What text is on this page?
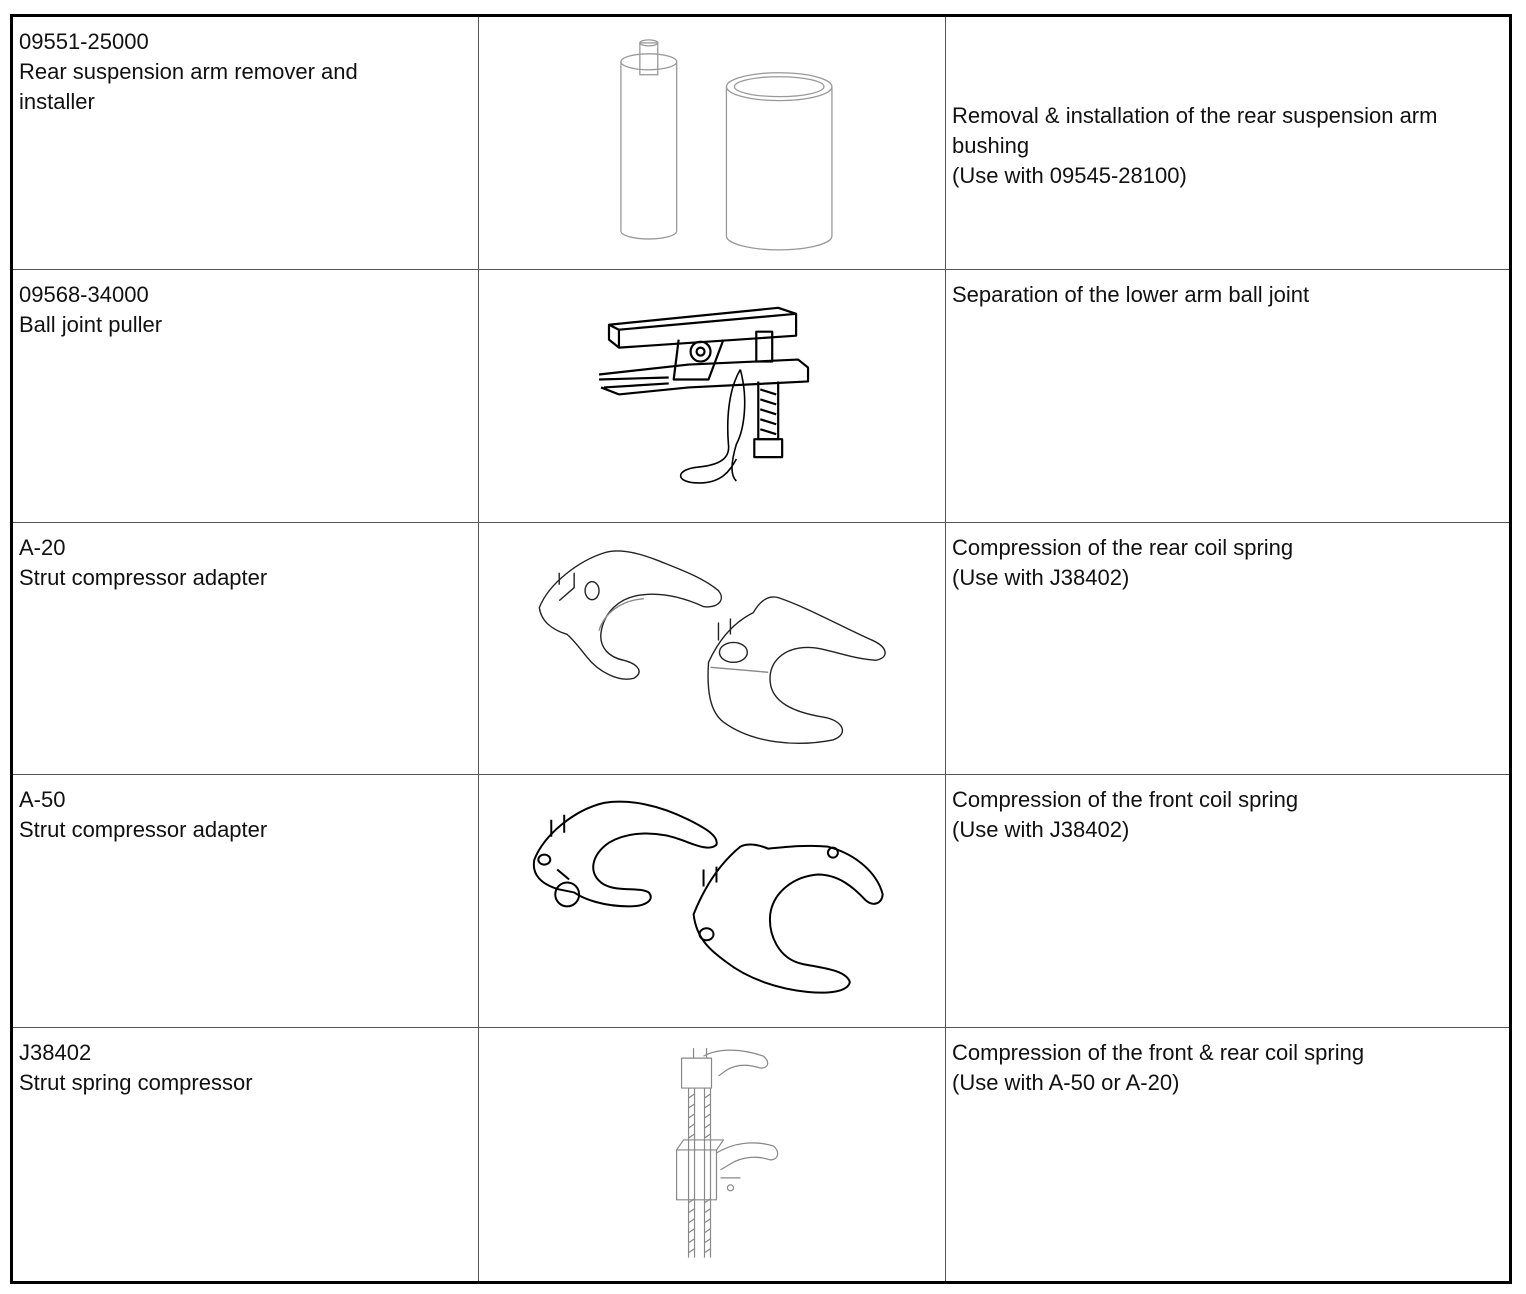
09551-25000
Rear suspension arm remover and installer
Removal & installation of the rear suspension arm bushing
(Use with 09545-28100)
09568-34000
Ball joint puller
Separation of the lower arm ball joint
A-20
Strut compressor adapter
Compression of the rear coil spring
(Use with J38402)
A-50
Strut compressor adapter
Compression of the front coil spring
(Use with J38402)
J38402
Strut spring compressor
Compression of the front & rear coil spring
(Use with A-50 or A-20)
